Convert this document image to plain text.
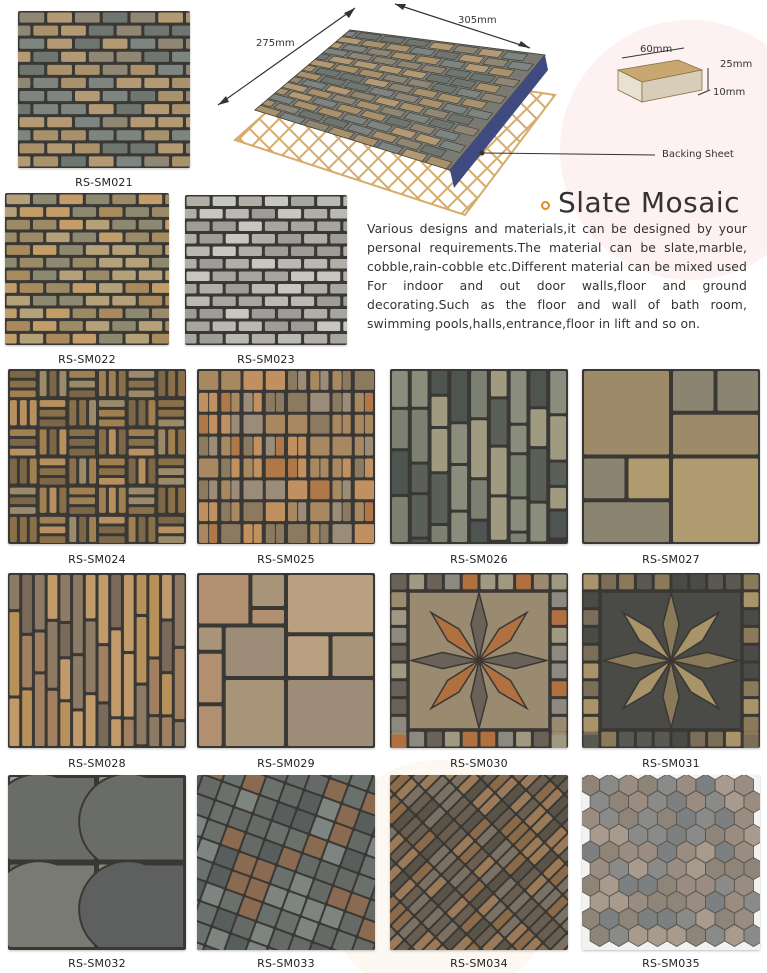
RS-SM021
275mm
305mm
60mm
25mm
10mm
Backing Sheet
RS-SM022	RS-SM023
Slate Mosaic
Various designs and materials,it can be designed by your personal requirements.The material can be slate,marble, cobble,rain-cobble etc.Different material can be mixed used For indoor and out door walls,floor and ground decorating.Such as the floor and wall of bath room, swimming pools,halls,entrance,floor in lift and so on.
RS-SM024	RS-SM025	RS-SM026	RS-SM027
RS-SM028	RS-SM029	RS-SM030	RS-SM031
RS-SM032	RS-SM033	RS-SM034	RS-SM035
